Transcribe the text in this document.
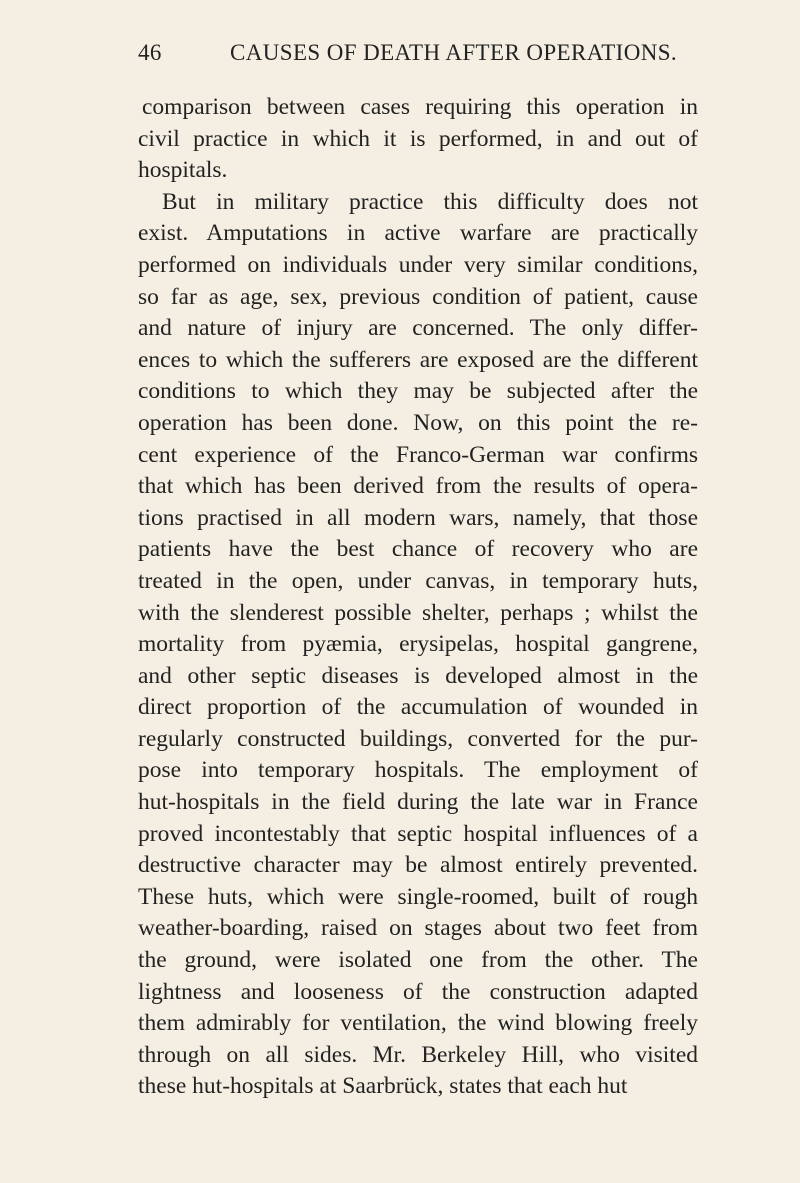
46	CAUSES OF DEATH AFTER OPERATIONS.
comparison between cases requiring this operation in
civil practice in which it is performed, in and out of
hospitals.
But in military practice this difficulty does not
exist. Amputations in active warfare are practically
performed on individuals under very similar conditions,
so far as age, sex, previous condition of patient, cause
and nature of injury are concerned. The only differ-
ences to which the sufferers are exposed are the different
conditions to which they may be subjected after the
operation has been done. Now, on this point the re-
cent experience of the Franco-German war confirms
that which has been derived from the results of opera-
tions practised in all modern wars, namely, that those
patients have the best chance of recovery who are
treated in the open, under canvas, in temporary huts,
with the slenderest possible shelter, perhaps ; whilst the
mortality from pyæmia, erysipelas, hospital gangrene,
and other septic diseases is developed almost in the
direct proportion of the accumulation of wounded in
regularly constructed buildings, converted for the pur-
pose into temporary hospitals. The employment of
hut-hospitals in the field during the late war in France
proved incontestably that septic hospital influences of a
destructive character may be almost entirely prevented.
These huts, which were single-roomed, built of rough
weather-boarding, raised on stages about two feet from
the ground, were isolated one from the other. The
lightness and looseness of the construction adapted
them admirably for ventilation, the wind blowing freely
through on all sides. Mr. Berkeley Hill, who visited
these hut-hospitals at Saarbrück, states that each hut
